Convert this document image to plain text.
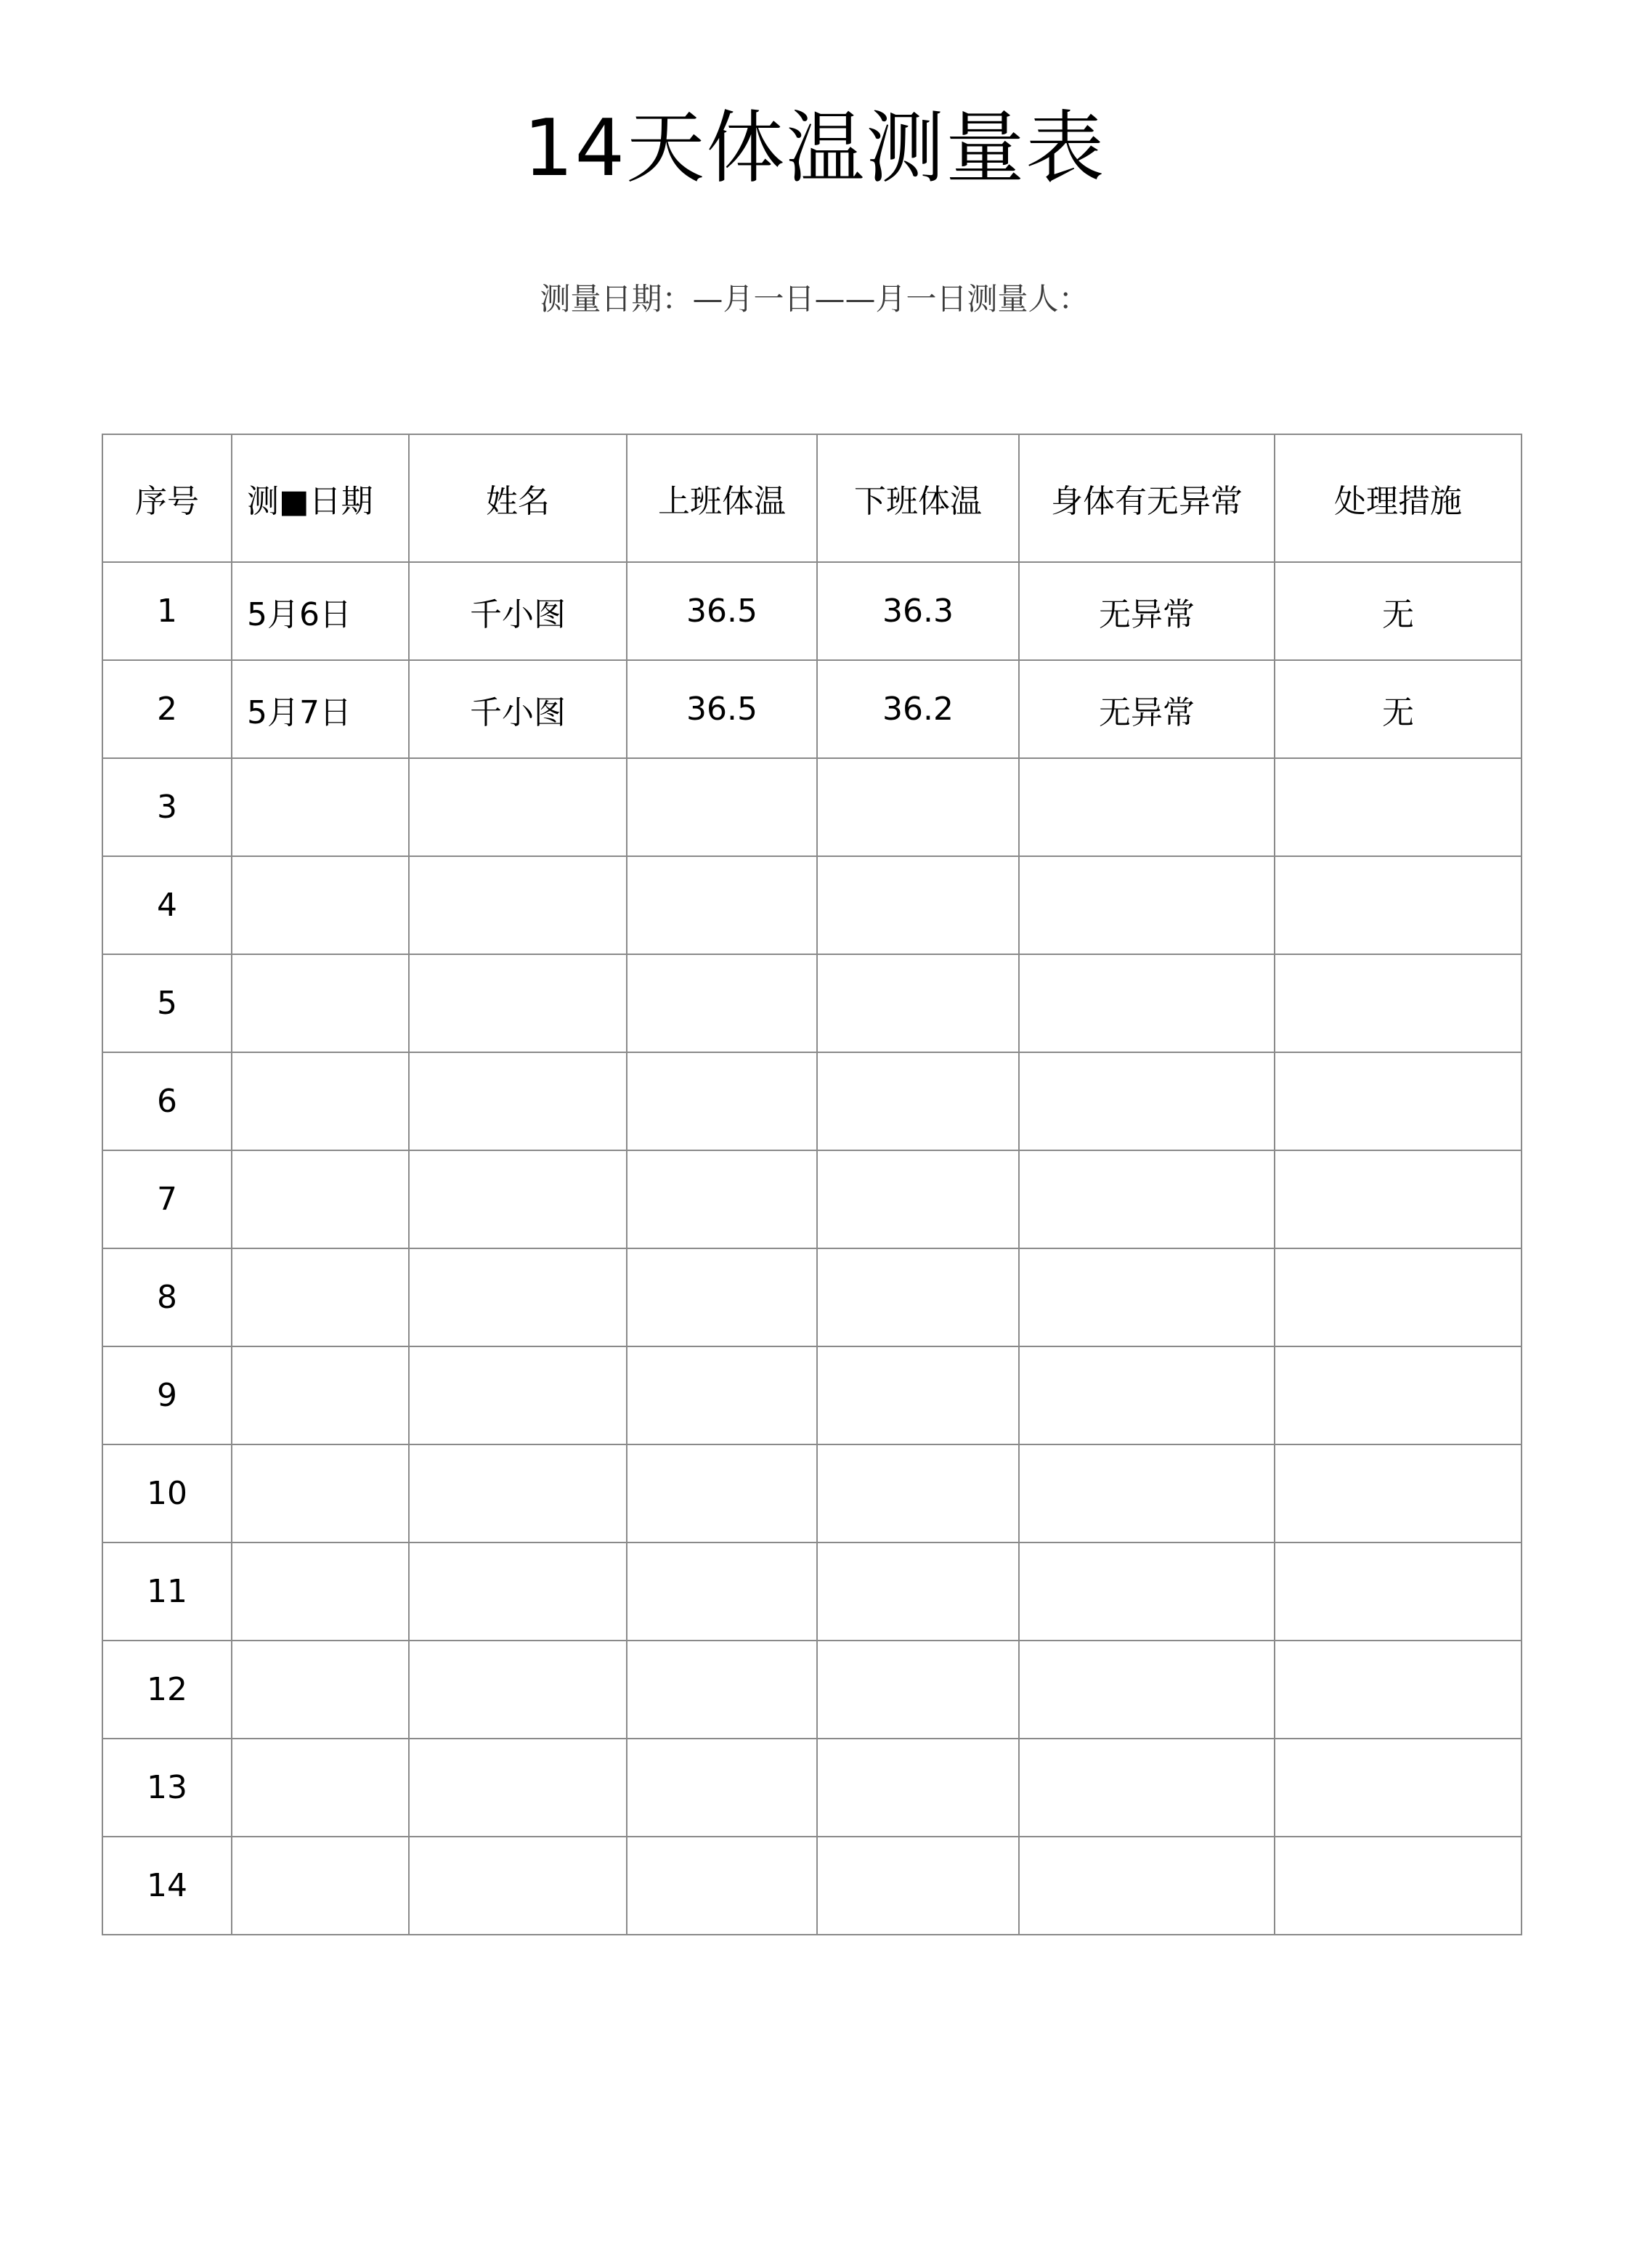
14天体温测量表
测量日期：—月一日——月一日测量人：
序号	测■日期	姓名	上班体温	下班体温	身体有无异常	处理措施
1	5月6日	千小图	36.5	36.3	无异常	无
2	5月7日	千小图	36.5	36.2	无异常	无
3						
4						
5						
6						
7						
8						
9						
10						
11						
12						
13						
14						
